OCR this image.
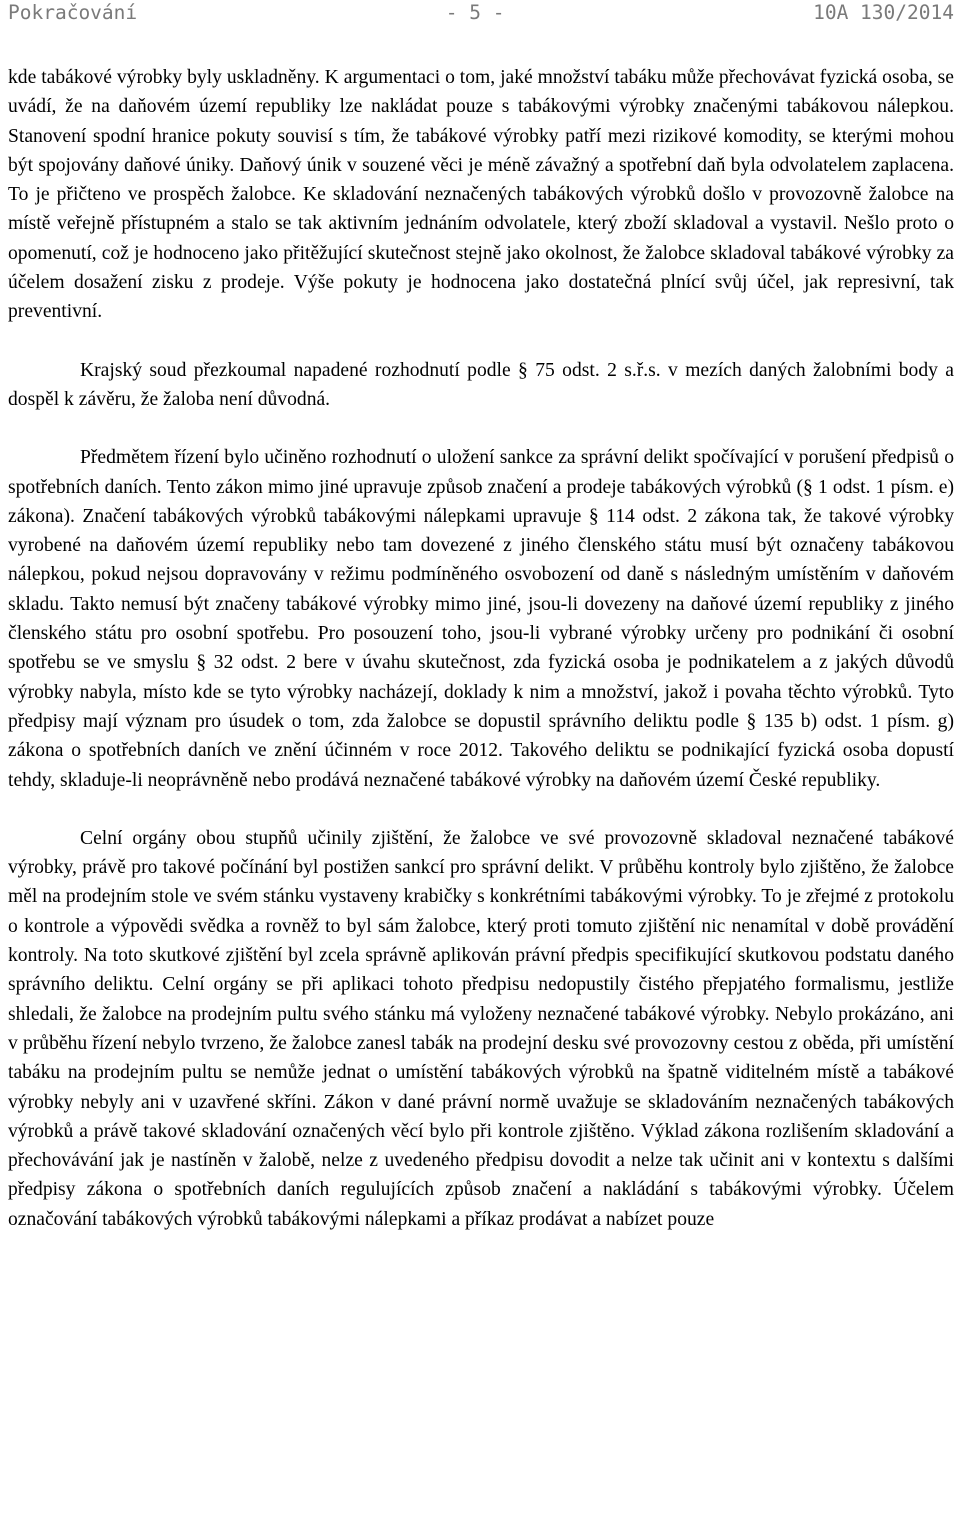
Pokračování	- 5 -	10A 130/2014

kde tabákové výrobky byly uskladněny. K argumentaci o tom, jaké množství tabáku může přechovávat fyzická osoba, se uvádí, že na daňovém území republiky lze nakládat pouze s tabákovými výrobky značenými tabákovou nálepkou. Stanovení spodní hranice pokuty souvisí s tím, že tabákové výrobky patří mezi rizikové komodity, se kterými mohou být spojovány daňové úniky. Daňový únik v souzené věci je méně závažný a spotřební daň byla odvolatelem zaplacena. To je přičteno ve prospěch žalobce. Ke skladování neznačených tabákových výrobků došlo v provozovně žalobce na místě veřejně přístupném a stalo se tak aktivním jednáním odvolatele, který zboží skladoval a vystavil. Nešlo proto o opomenutí, což je hodnoceno jako přitěžující skutečnost stejně jako okolnost, že žalobce skladoval tabákové výrobky za účelem dosažení zisku z prodeje. Výše pokuty je hodnocena jako dostatečná plnící svůj účel, jak represivní, tak preventivní.

Krajský soud přezkoumal napadené rozhodnutí podle § 75 odst. 2 s.ř.s. v mezích daných žalobními body a dospěl k závěru, že žaloba není důvodná.

Předmětem řízení bylo učiněno rozhodnutí o uložení sankce za správní delikt spočívající v porušení předpisů o spotřebních daních. Tento zákon mimo jiné upravuje způsob značení a prodeje tabákových výrobků (§ 1 odst. 1 písm. e) zákona). Značení tabákových výrobků tabákovými nálepkami upravuje § 114 odst. 2 zákona tak, že takové výrobky vyrobené na daňovém území republiky nebo tam dovezené z jiného členského státu musí být označeny tabákovou nálepkou, pokud nejsou dopravovány v režimu podmíněného osvobození od daně s následným umístěním v daňovém skladu. Takto nemusí být značeny tabákové výrobky mimo jiné, jsou-li dovezeny na daňové území republiky z jiného členského státu pro osobní spotřebu. Pro posouzení toho, jsou-li vybrané výrobky určeny pro podnikání či osobní spotřebu se ve smyslu § 32 odst. 2 bere v úvahu skutečnost, zda fyzická osoba je podnikatelem a z jakých důvodů výrobky nabyla, místo kde se tyto výrobky nacházejí, doklady k nim a množství, jakož i povaha těchto výrobků. Tyto předpisy mají význam pro úsudek o tom, zda žalobce se dopustil správního deliktu podle § 135 b) odst. 1 písm. g) zákona o spotřebních daních ve znění účinném v roce 2012. Takového deliktu se podnikající fyzická osoba dopustí tehdy, skladuje-li neoprávněně nebo prodává neznačené tabákové výrobky na daňovém území České republiky.

Celní orgány obou stupňů učinily zjištění, že žalobce ve své provozovně skladoval neznačené tabákové výrobky, právě pro takové počínání byl postižen sankcí pro správní delikt. V průběhu kontroly bylo zjištěno, že žalobce měl na prodejním stole ve svém stánku vystaveny krabičky s konkrétními tabákovými výrobky. To je zřejmé z protokolu o kontrole a výpovědi svědka a rovněž to byl sám žalobce, který proti tomuto zjištění nic nenamítal v době provádění kontroly. Na toto skutkové zjištění byl zcela správně aplikován právní předpis specifikující skutkovou podstatu daného správního deliktu. Celní orgány se při aplikaci tohoto předpisu nedopustily čistého přepjatého formalismu, jestliže shledali, že žalobce na prodejním pultu svého stánku má vyloženy neznačené tabákové výrobky. Nebylo prokázáno, ani v průběhu řízení nebylo tvrzeno, že žalobce zanesl tabák na prodejní desku své provozovny cestou z oběda, při umístění tabáku na prodejním pultu se nemůže jednat o umístění tabákových výrobků na špatně viditelném místě a tabákové výrobky nebyly ani v uzavřené skříni. Zákon v dané právní normě uvažuje se skladováním neznačených tabákových výrobků a právě takové skladování označených věcí bylo při kontrole zjištěno. Výklad zákona rozlišením skladování a přechovávání jak je nastíněn v žalobě, nelze z uvedeného předpisu dovodit a nelze tak učinit ani v kontextu s dalšími předpisy zákona o spotřebních daních regulujících způsob značení a nakládání s tabákovými výrobky. Účelem označování tabákových výrobků tabákovými nálepkami a příkaz prodávat a nabízet pouze
